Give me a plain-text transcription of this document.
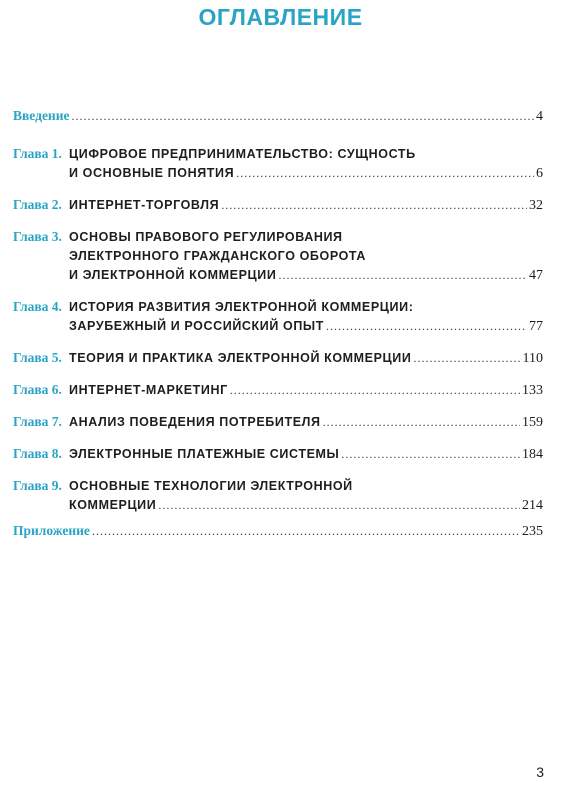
ОГЛАВЛЕНИЕ
Введение .....	4
Глава 1. ЦИФРОВОЕ ПРЕДПРИНИМАТЕЛЬСТВО: СУЩНОСТЬ
И ОСНОВНЫЕ ПОНЯТИЯ .....	6
Глава 2. ИНТЕРНЕТ-ТОРГОВЛЯ .....	32
Глава 3. ОСНОВЫ ПРАВОВОГО РЕГУЛИРОВАНИЯ
ЭЛЕКТРОННОГО ГРАЖДАНСКОГО ОБОРОТА
И ЭЛЕКТРОННОЙ КОММЕРЦИИ .....	47
Глава 4. ИСТОРИЯ РАЗВИТИЯ ЭЛЕКТРОННОЙ КОММЕРЦИИ:
ЗАРУБЕЖНЫЙ И РОССИЙСКИЙ ОПЫТ .....	77
Глава 5. ТЕОРИЯ И ПРАКТИКА ЭЛЕКТРОННОЙ КОММЕРЦИИ .....	110
Глава 6. ИНТЕРНЕТ-МАРКЕТИНГ .....	133
Глава 7. АНАЛИЗ ПОВЕДЕНИЯ ПОТРЕБИТЕЛЯ .....	159
Глава 8. ЭЛЕКТРОННЫЕ ПЛАТЕЖНЫЕ СИСТЕМЫ .....	184
Глава 9. ОСНОВНЫЕ ТЕХНОЛОГИИ ЭЛЕКТРОННОЙ
КОММЕРЦИИ .....	214
Приложение .....	235
3
